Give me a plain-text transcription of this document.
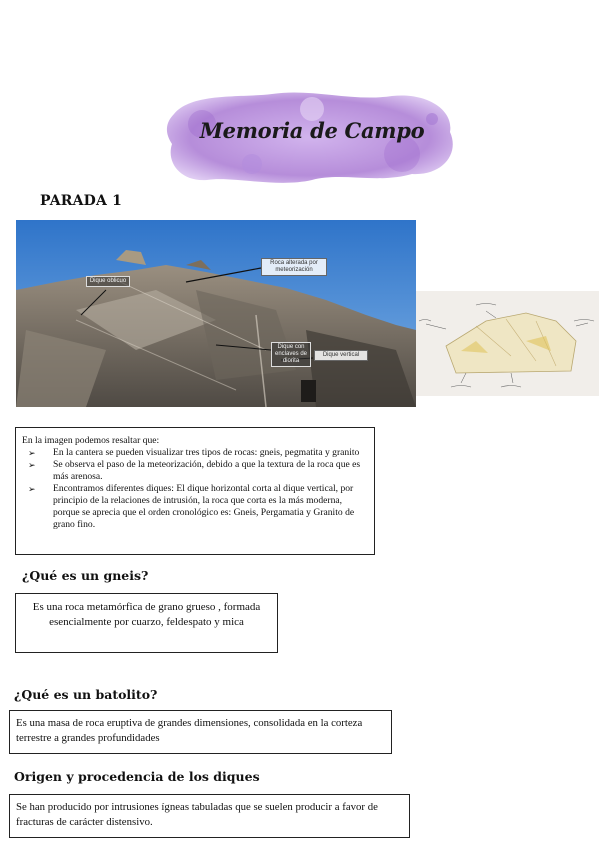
Memoria de Campo
PARADA 1
Roca alterada por meteorización
Dique oblicuo
Dique con enclaves de diorita
Dique vertical
En la imagen podemos resaltar que:
➢ En la cantera se pueden visualizar tres tipos de rocas: gneis, pegmatita y granito
➢ Se observa el paso de la meteorización, debido a que la textura de la roca que es más arenosa.
➢ Encontramos diferentes diques: El dique horizontal corta al dique vertical, por principio de la relaciones de intrusión, la roca que corta es la más moderna, porque se aprecia que el orden cronológico es: Gneis, Pergamatia y Granito de grano fino.
¿Qué es un gneis?
Es una roca metamórfica de grano grueso , formada esencialmente por cuarzo, feldespato y mica
¿Qué es un batolito?
Es una masa de roca eruptiva de grandes dimensiones, consolidada en la corteza terrestre a grandes profundidades
Origen y procedencia de los diques
Se han producido por intrusiones ígneas tabuladas que se suelen producir a favor de fracturas de carácter distensivo.
